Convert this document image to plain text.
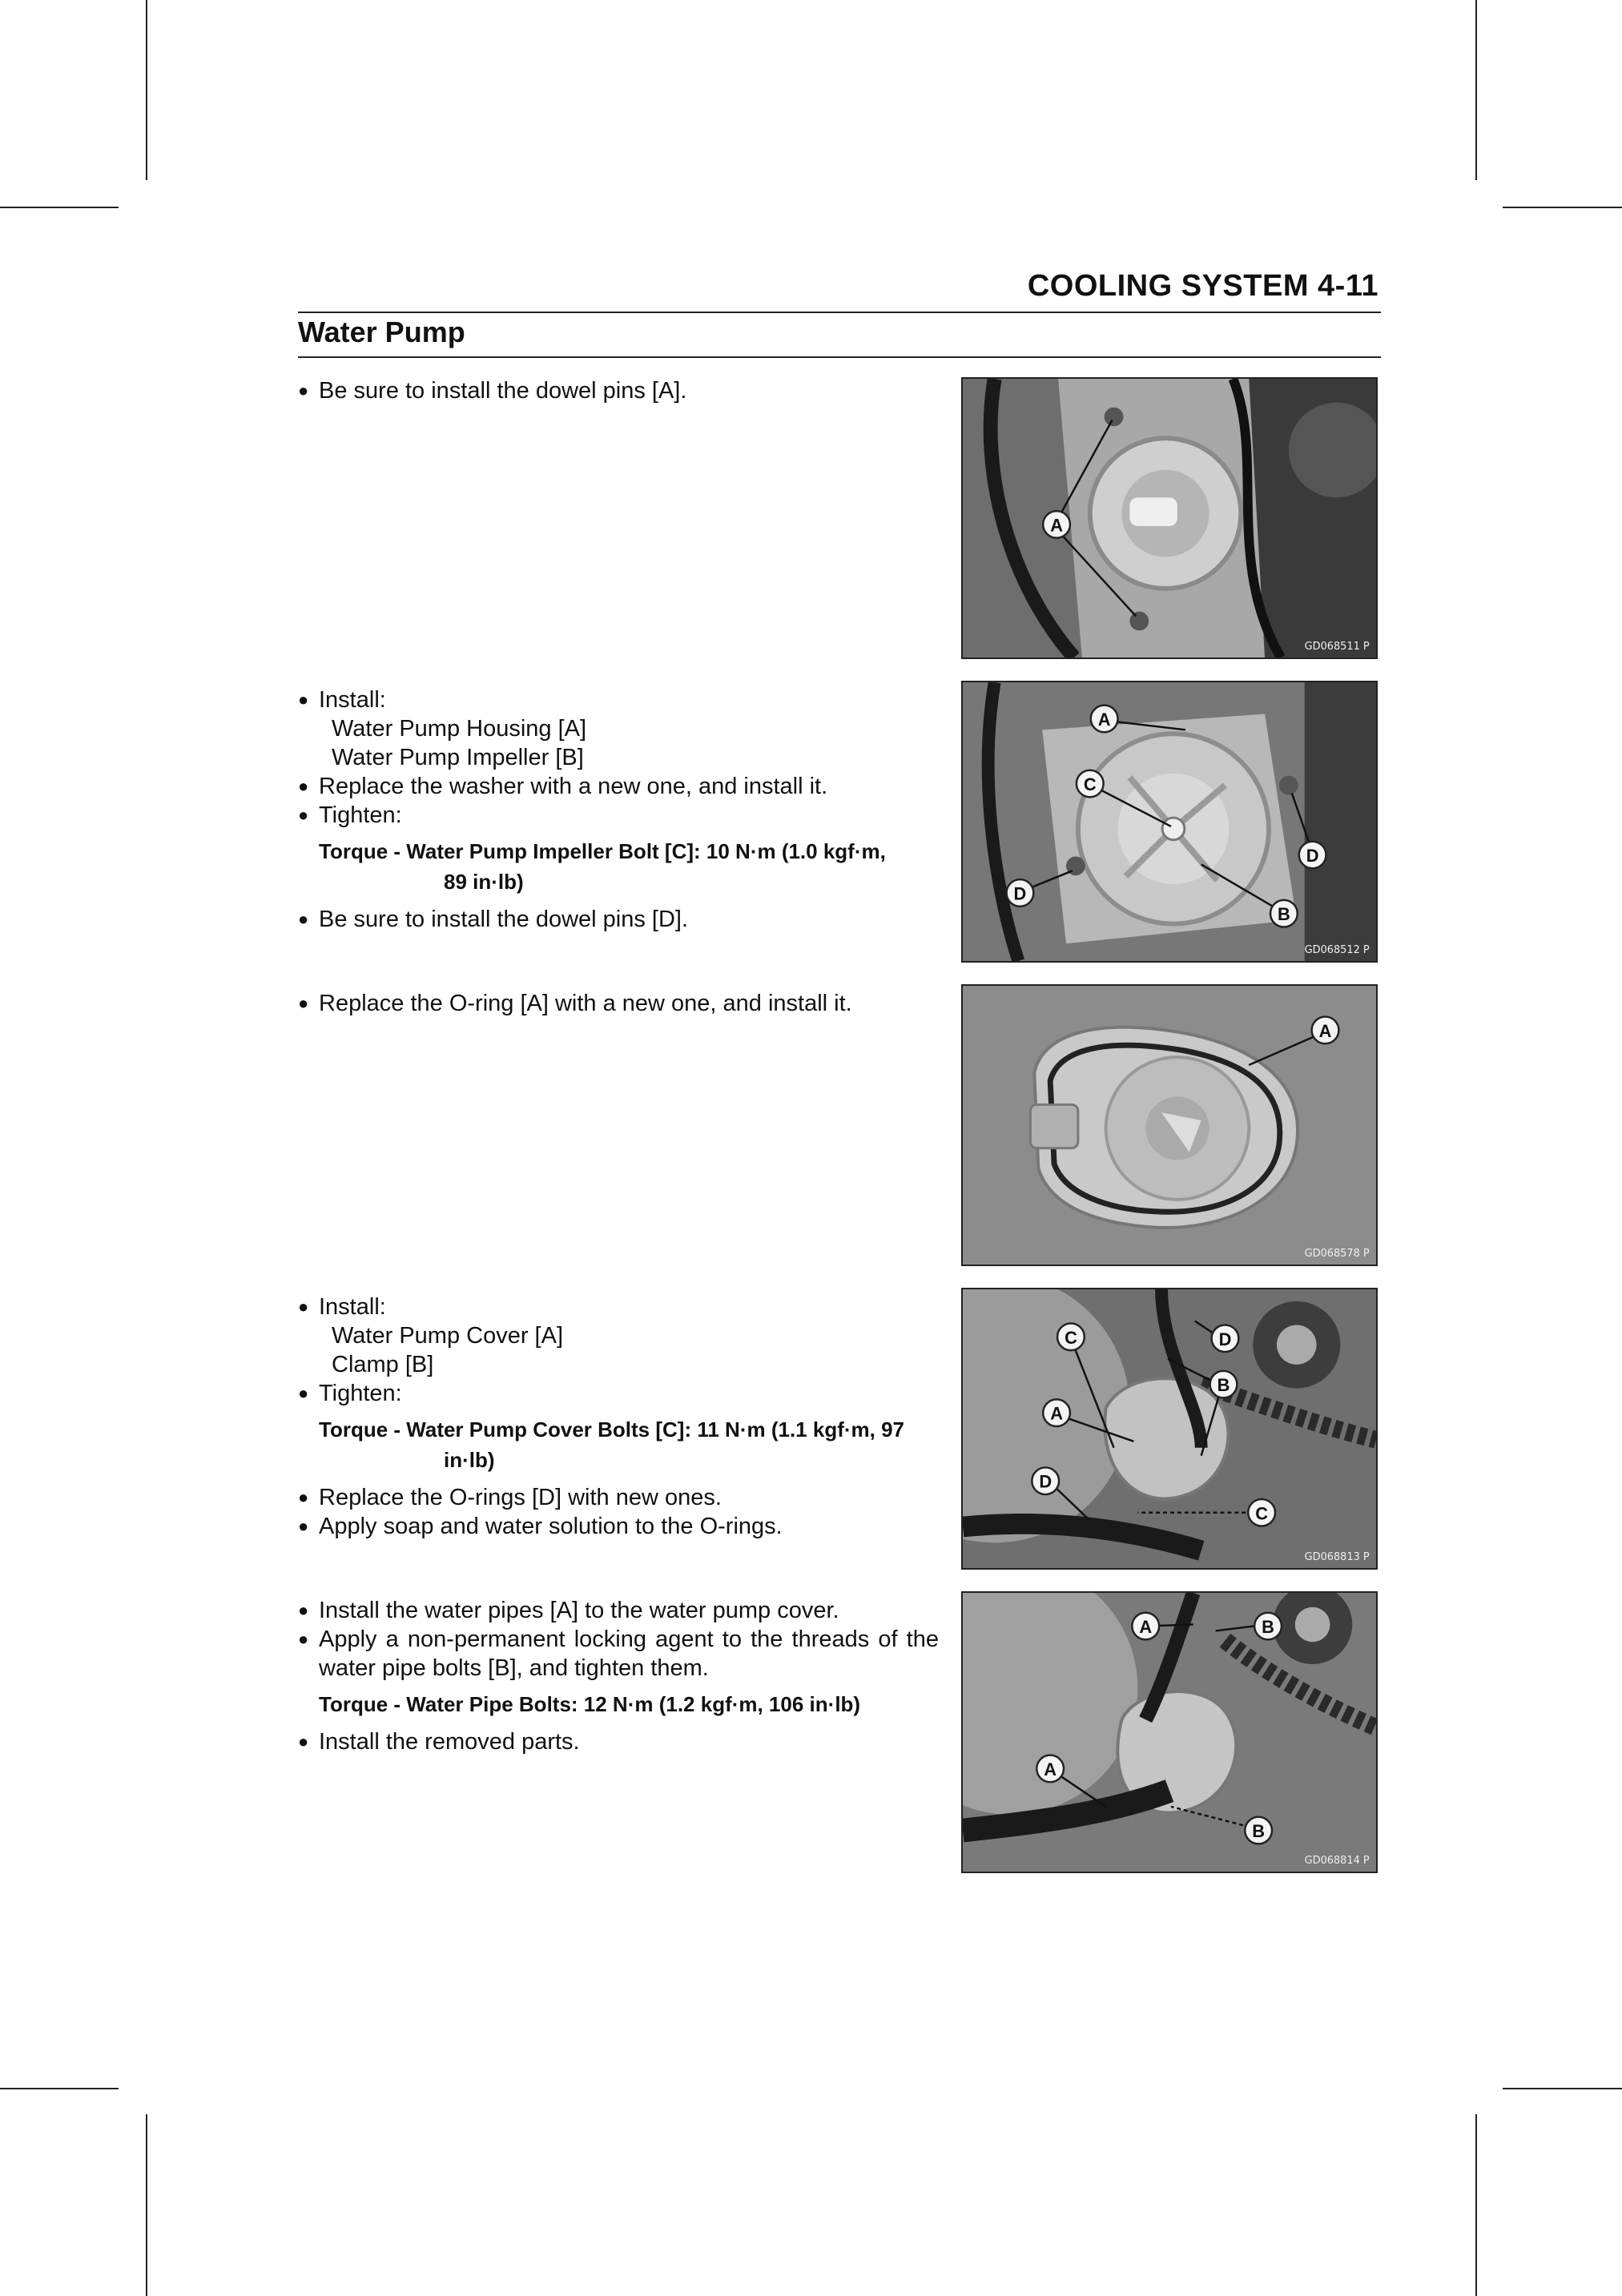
COOLING SYSTEM 4-11
Water Pump
● Be sure to install the dowel pins [A].
● Install:
Water Pump Housing [A]
Water Pump Impeller [B]
● Replace the washer with a new one, and install it.
● Tighten:
Torque - Water Pump Impeller Bolt [C]: 10 N·m (1.0 kgf·m,
89 in·lb)
● Be sure to install the dowel pins [D].
● Replace the O-ring [A] with a new one, and install it.
● Install:
Water Pump Cover [A]
Clamp [B]
● Tighten:
Torque - Water Pump Cover Bolts [C]: 11 N·m (1.1 kgf·m, 97
in·lb)
● Replace the O-rings [D] with new ones.
● Apply soap and water solution to the O-rings.
● Install the water pipes [A] to the water pump cover.
● Apply a non-permanent locking agent to the threads of the water pipe bolts [B], and tighten them.
Torque - Water Pipe Bolts: 12 N·m (1.2 kgf·m, 106 in·lb)
● Install the removed parts.
A
GD068511 P
A
C
B
D
D
GD068512 P
A
GD068578 P
C	D
B
A
D
C
GD068813 P
A	B
A
B
GD068814 P
